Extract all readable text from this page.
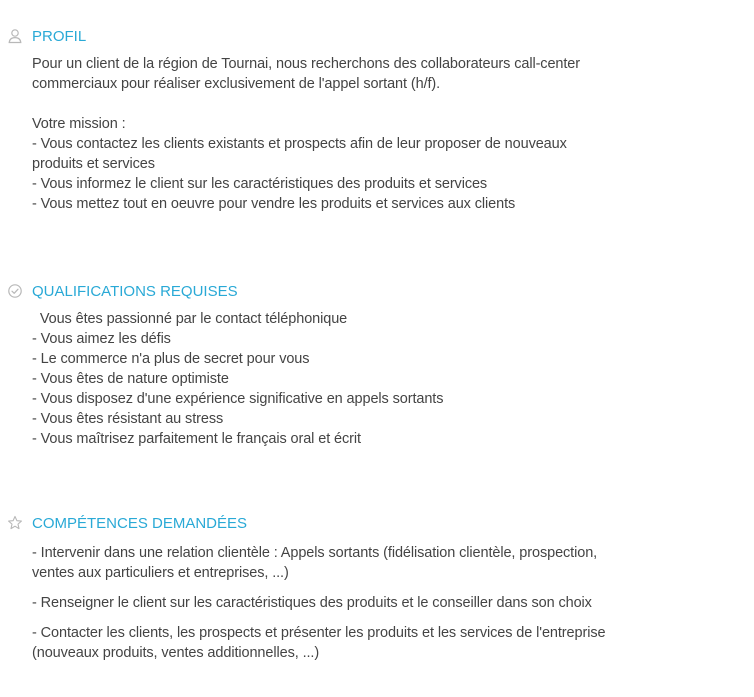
PROFIL
Pour un client de la région de Tournai, nous recherchons des collaborateurs call-center
commerciaux pour réaliser exclusivement de l'appel sortant (h/f).
Votre mission :
- Vous contactez les clients existants et prospects afin de leur proposer de nouveaux
produits et services
- Vous informez le client sur les caractéristiques des produits et services
- Vous mettez tout en oeuvre pour vendre les produits et services aux clients
QUALIFICATIONS REQUISES
Vous êtes passionné par le contact téléphonique
- Vous aimez les défis
- Le commerce n'a plus de secret pour vous
- Vous êtes de nature optimiste
- Vous disposez d'une expérience significative en appels sortants
- Vous êtes résistant au stress
- Vous maîtrisez parfaitement le français oral et écrit
COMPÉTENCES DEMANDÉES
- Intervenir dans une relation clientèle : Appels sortants (fidélisation clientèle, prospection,
ventes aux particuliers et entreprises, ...)
- Renseigner le client sur les caractéristiques des produits et le conseiller dans son choix
- Contacter les clients, les prospects et présenter les produits et les services de l'entreprise
(nouveaux produits, ventes additionnelles, ...)
